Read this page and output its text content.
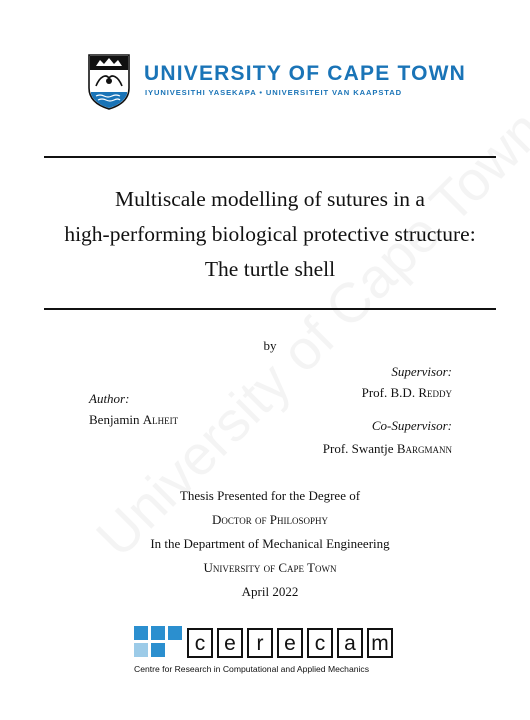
UNIVERSITY OF CAPE TOWN
IYUNIVESITHI YASEKAPA • UNIVERSITEIT VAN KAAPSTAD
Multiscale modelling of sutures in a
high-performing biological protective structure:
The turtle shell
by
Supervisor:
Prof. B.D. Reddy
Author:
Benjamin Alheit	Co-Supervisor:
Prof. Swantje Bargmann
Thesis Presented for the Degree of
Doctor of Philosophy
In the Department of Mechanical Engineering
University of Cape Town
April 2022
c e r e c a m
Centre for Research in Computational and Applied Mechanics
